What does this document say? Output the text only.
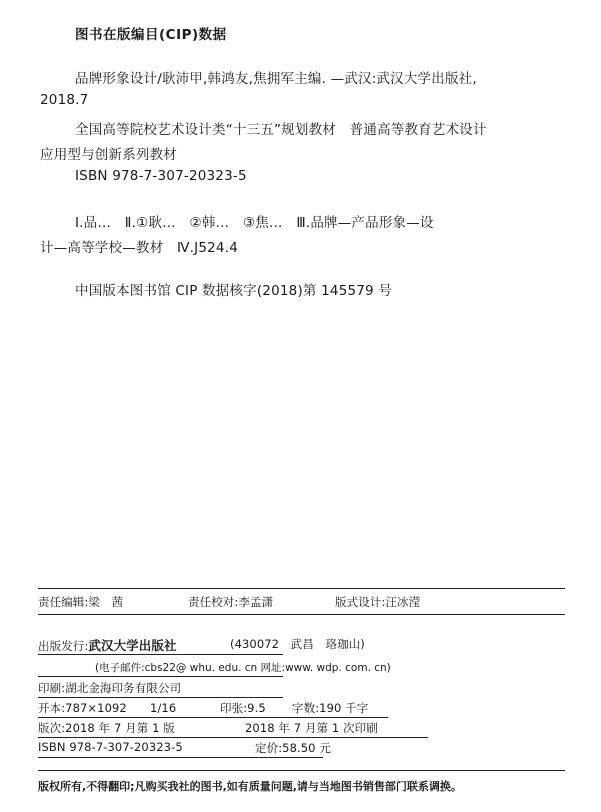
图书在版编目(CIP)数据
品牌形象设计/耿沛甲,韩鸿友,焦拥军主编. —武汉:武汉大学出版社,
2018.7
全国高等院校艺术设计类“十三五”规划教材　普通高等教育艺术设计
应用型与创新系列教材
ISBN 978-7-307-20323-5
Ⅰ.品…　Ⅱ.①耿…　②韩…　③焦…　Ⅲ.品牌—产品形象—设
计—高等学校—教材　Ⅳ.J524.4
中国版本图书馆 CIP 数据核字(2018)第 145579 号
责任编辑:梁　茜	责任校对:李孟潇	版式设计:汪冰滢
出版发行:武汉大学出版社	(430072　武昌　珞珈山)
(电子邮件:cbs22@ whu. edu. cn 网址:www. wdp. com. cn)
印刷:湖北金海印务有限公司
开本:787×1092　　1/16	印张:9.5 字数:190 千字
版次:2018 年 7 月第 1 版	2018 年 7 月第 1 次印刷
ISBN 978-7-307-20323-5	定价:58.50 元
版权所有,不得翻印;凡购买我社的图书,如有质量问题,请与当地图书销售部门联系调换。
